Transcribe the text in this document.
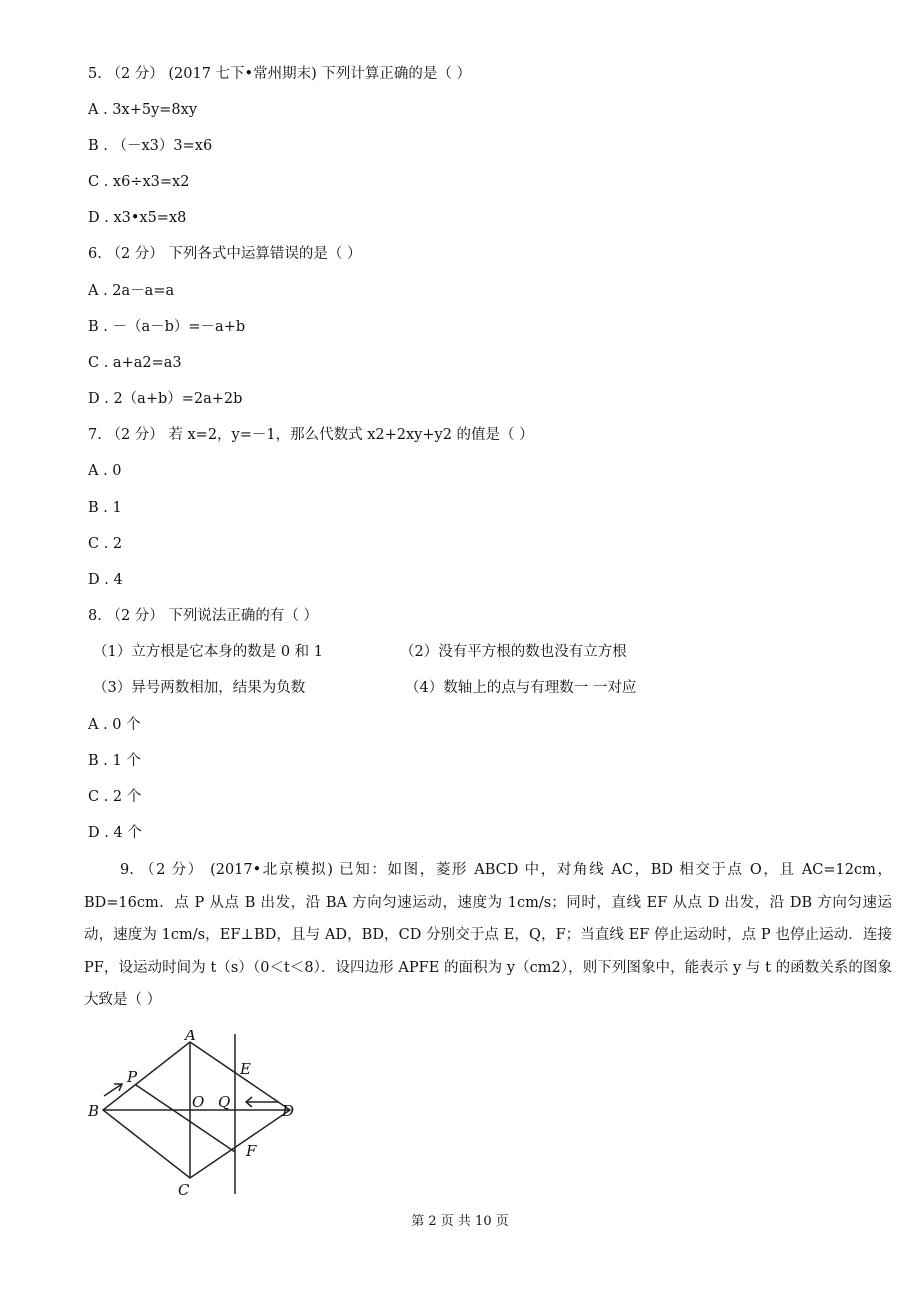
5. （2 分） (2017 七下•常州期末) 下列计算正确的是（ ）
A . 3x+5y=8xy
B . （－x3）3=x6
C . x6÷x3=x2
D . x3•x5=x8
6. （2 分） 下列各式中运算错误的是（ ）
A . 2a－a=a
B . －（a－b）=－a+b
C . a+a2=a3
D . 2（a+b）=2a+2b
7. （2 分） 若 x=2，y=－1，那么代数式 x2+2xy+y2 的值是（ ）
A . 0
B . 1
C . 2
D . 4
8. （2 分） 下列说法正确的有（ ）
（1）立方根是它本身的数是 0 和 1	（2）没有平方根的数也没有立方根
（3）异号两数相加，结果为负数	（4）数轴上的点与有理数一 一对应
A . 0 个
B . 1 个
C . 2 个
D . 4 个
9. （2 分） (2017•北京模拟) 已知：如图，菱形 ABCD 中，对角线 AC，BD 相交于点 O，且 AC=12cm，BD=16cm．点 P 从点 B 出发，沿 BA 方向匀速运动，速度为 1cm/s；同时，直线 EF 从点 D 出发，沿 DB 方向匀速运动，速度为 1cm/s，EF⊥BD，且与 AD，BD，CD 分别交于点 E，Q，F；当直线 EF 停止运动时，点 P 也停止运动．连接 PF，设运动时间为 t（s）（0＜t＜8）．设四边形 APFE 的面积为 y（cm2），则下列图象中，能表示 y 与 t 的函数关系的图象大致是（ ）
A
B
C
D
E
F
O
P
Q
第 2 页 共 10 页
